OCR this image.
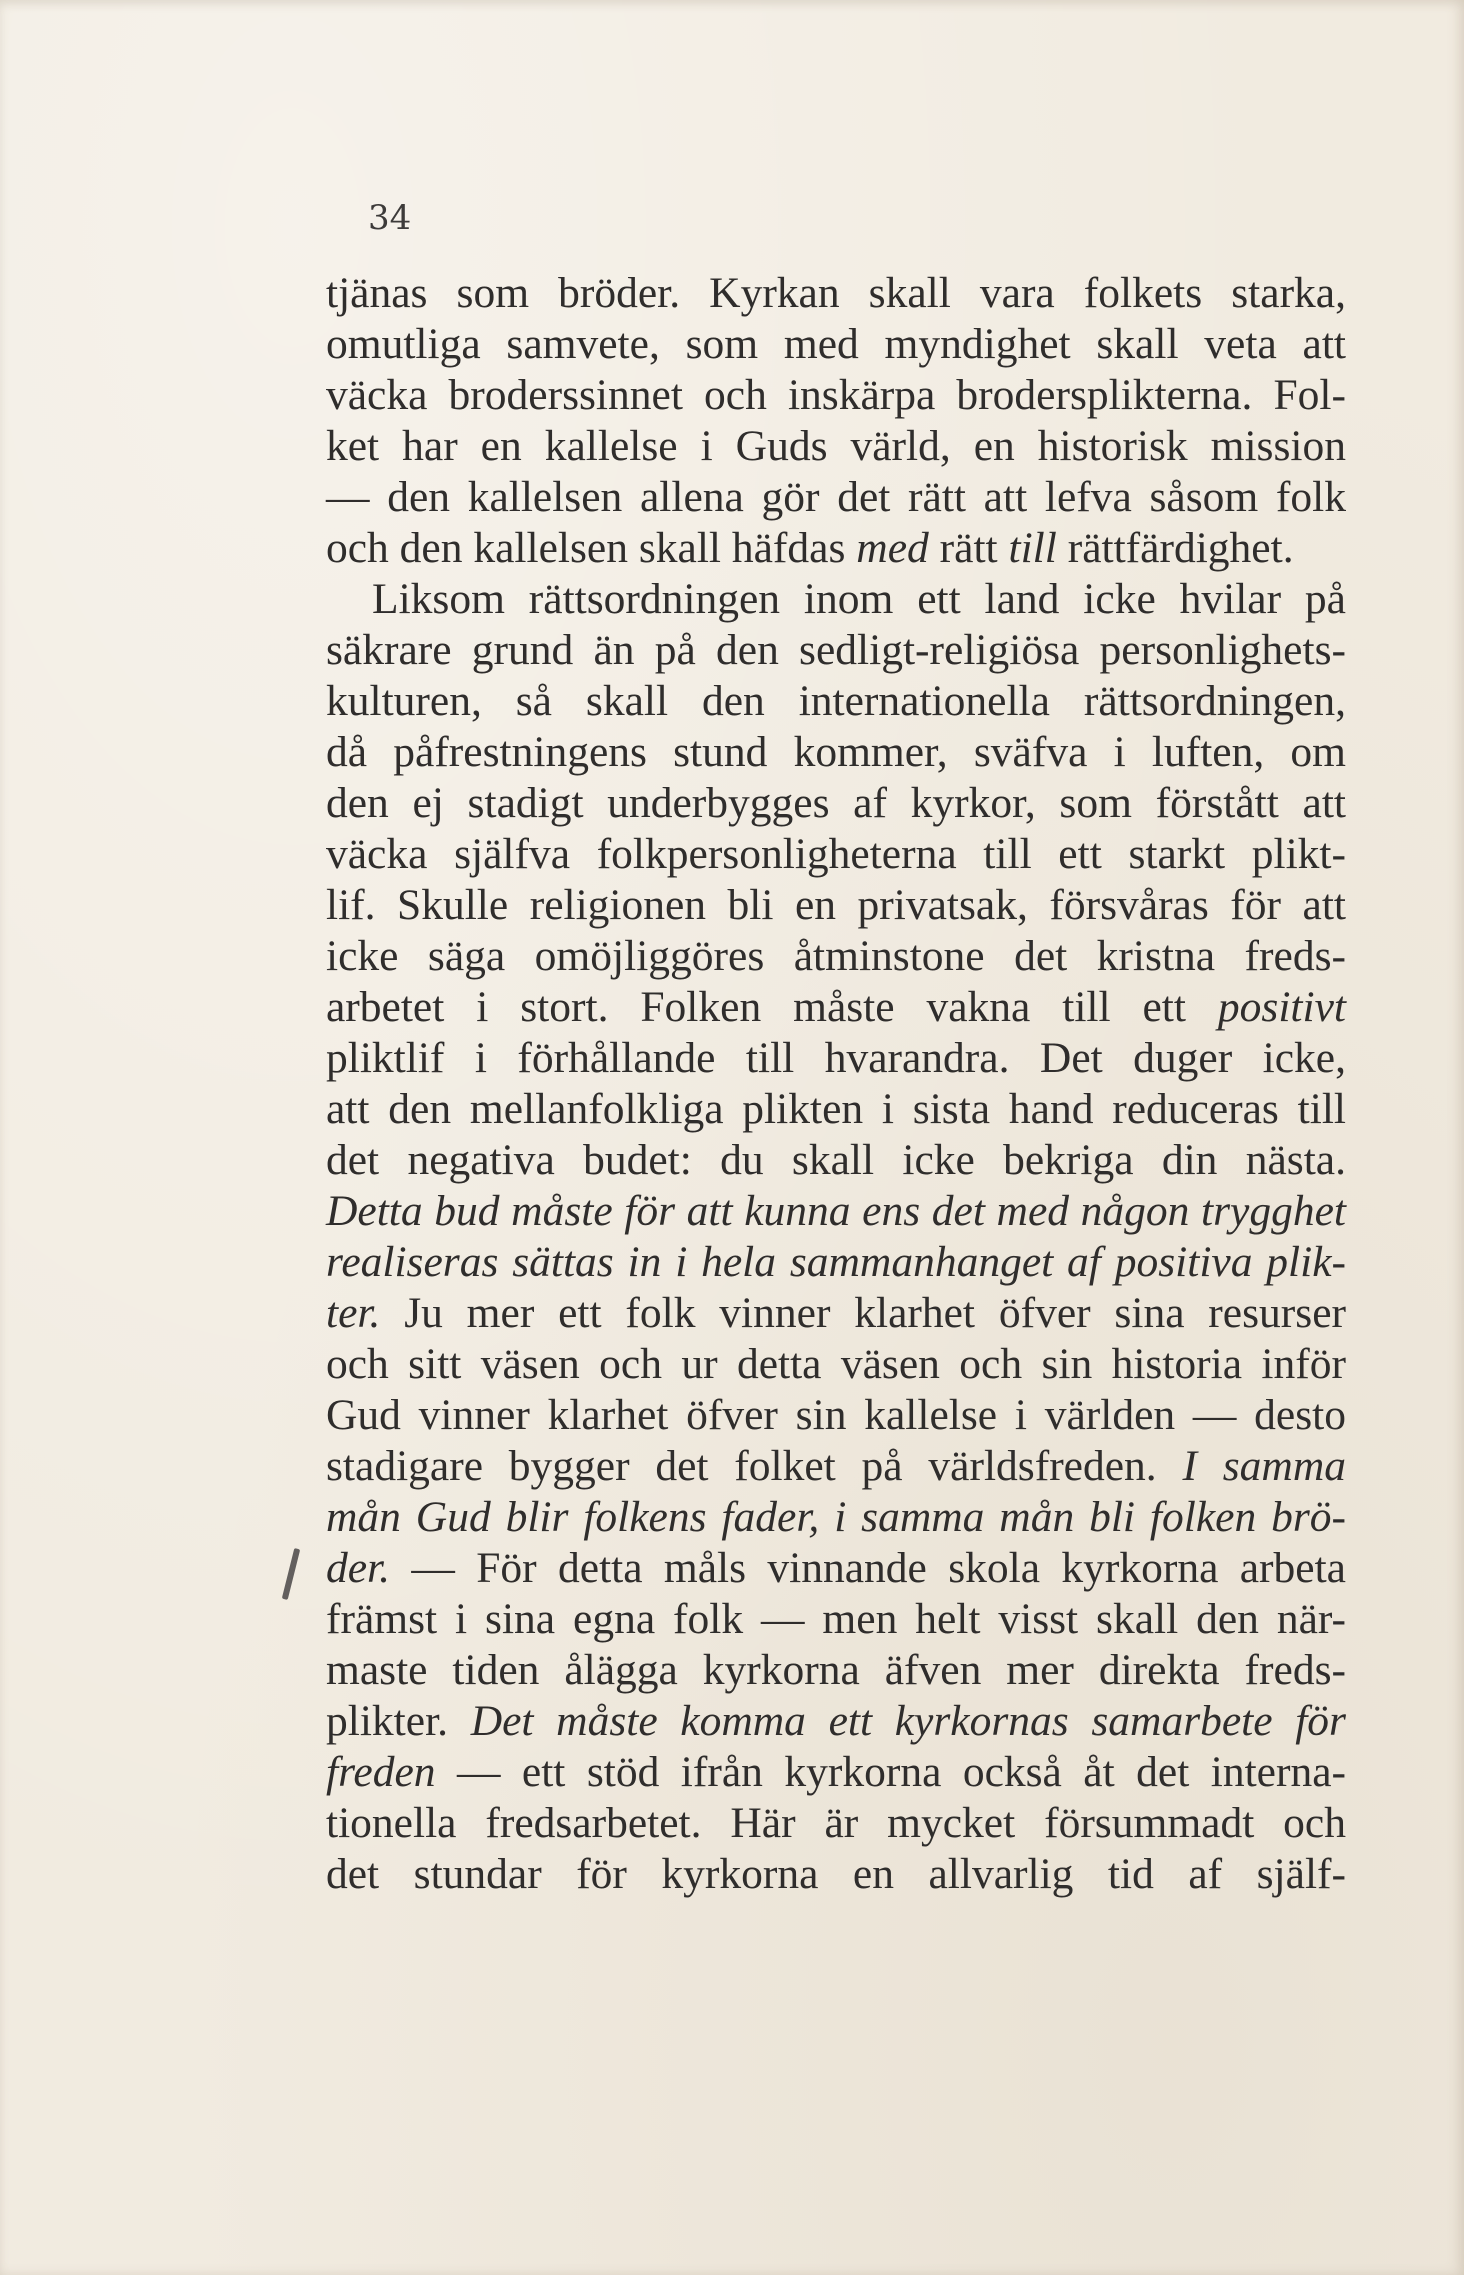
34
tjänas som bröder. Kyrkan skall vara folkets starka,
omutliga samvete, som med myndighet skall veta att
väcka broderssinnet och inskärpa brodersplikterna. Fol-
ket har en kallelse i Guds värld, en historisk mission
— den kallelsen allena gör det rätt att lefva såsom folk
och den kallelsen skall häfdas med rätt till rättfärdighet.
Liksom rättsordningen inom ett land icke hvilar på
säkrare grund än på den sedligt-religiösa personlighets-
kulturen, så skall den internationella rättsordningen,
då påfrestningens stund kommer, sväfva i luften, om
den ej stadigt underbygges af kyrkor, som förstått att
väcka själfva folkpersonligheterna till ett starkt plikt-
lif. Skulle religionen bli en privatsak, försvåras för att
icke säga omöjliggöres åtminstone det kristna freds-
arbetet i stort. Folken måste vakna till ett positivt
pliktlif i förhållande till hvarandra. Det duger icke,
att den mellanfolkliga plikten i sista hand reduceras till
det negativa budet: du skall icke bekriga din nästa.
Detta bud måste för att kunna ens det med någon trygghet
realiseras sättas in i hela sammanhanget af positiva plik-
ter. Ju mer ett folk vinner klarhet öfver sina resurser
och sitt väsen och ur detta väsen och sin historia inför
Gud vinner klarhet öfver sin kallelse i världen — desto
stadigare bygger det folket på världsfreden. I samma
mån Gud blir folkens fader, i samma mån bli folken brö-
der. — För detta måls vinnande skola kyrkorna arbeta
främst i sina egna folk — men helt visst skall den när-
maste tiden ålägga kyrkorna äfven mer direkta freds-
plikter. Det måste komma ett kyrkornas samarbete för
freden — ett stöd ifrån kyrkorna också åt det interna-
tionella fredsarbetet. Här är mycket försummadt och
det stundar för kyrkorna en allvarlig tid af själf-
